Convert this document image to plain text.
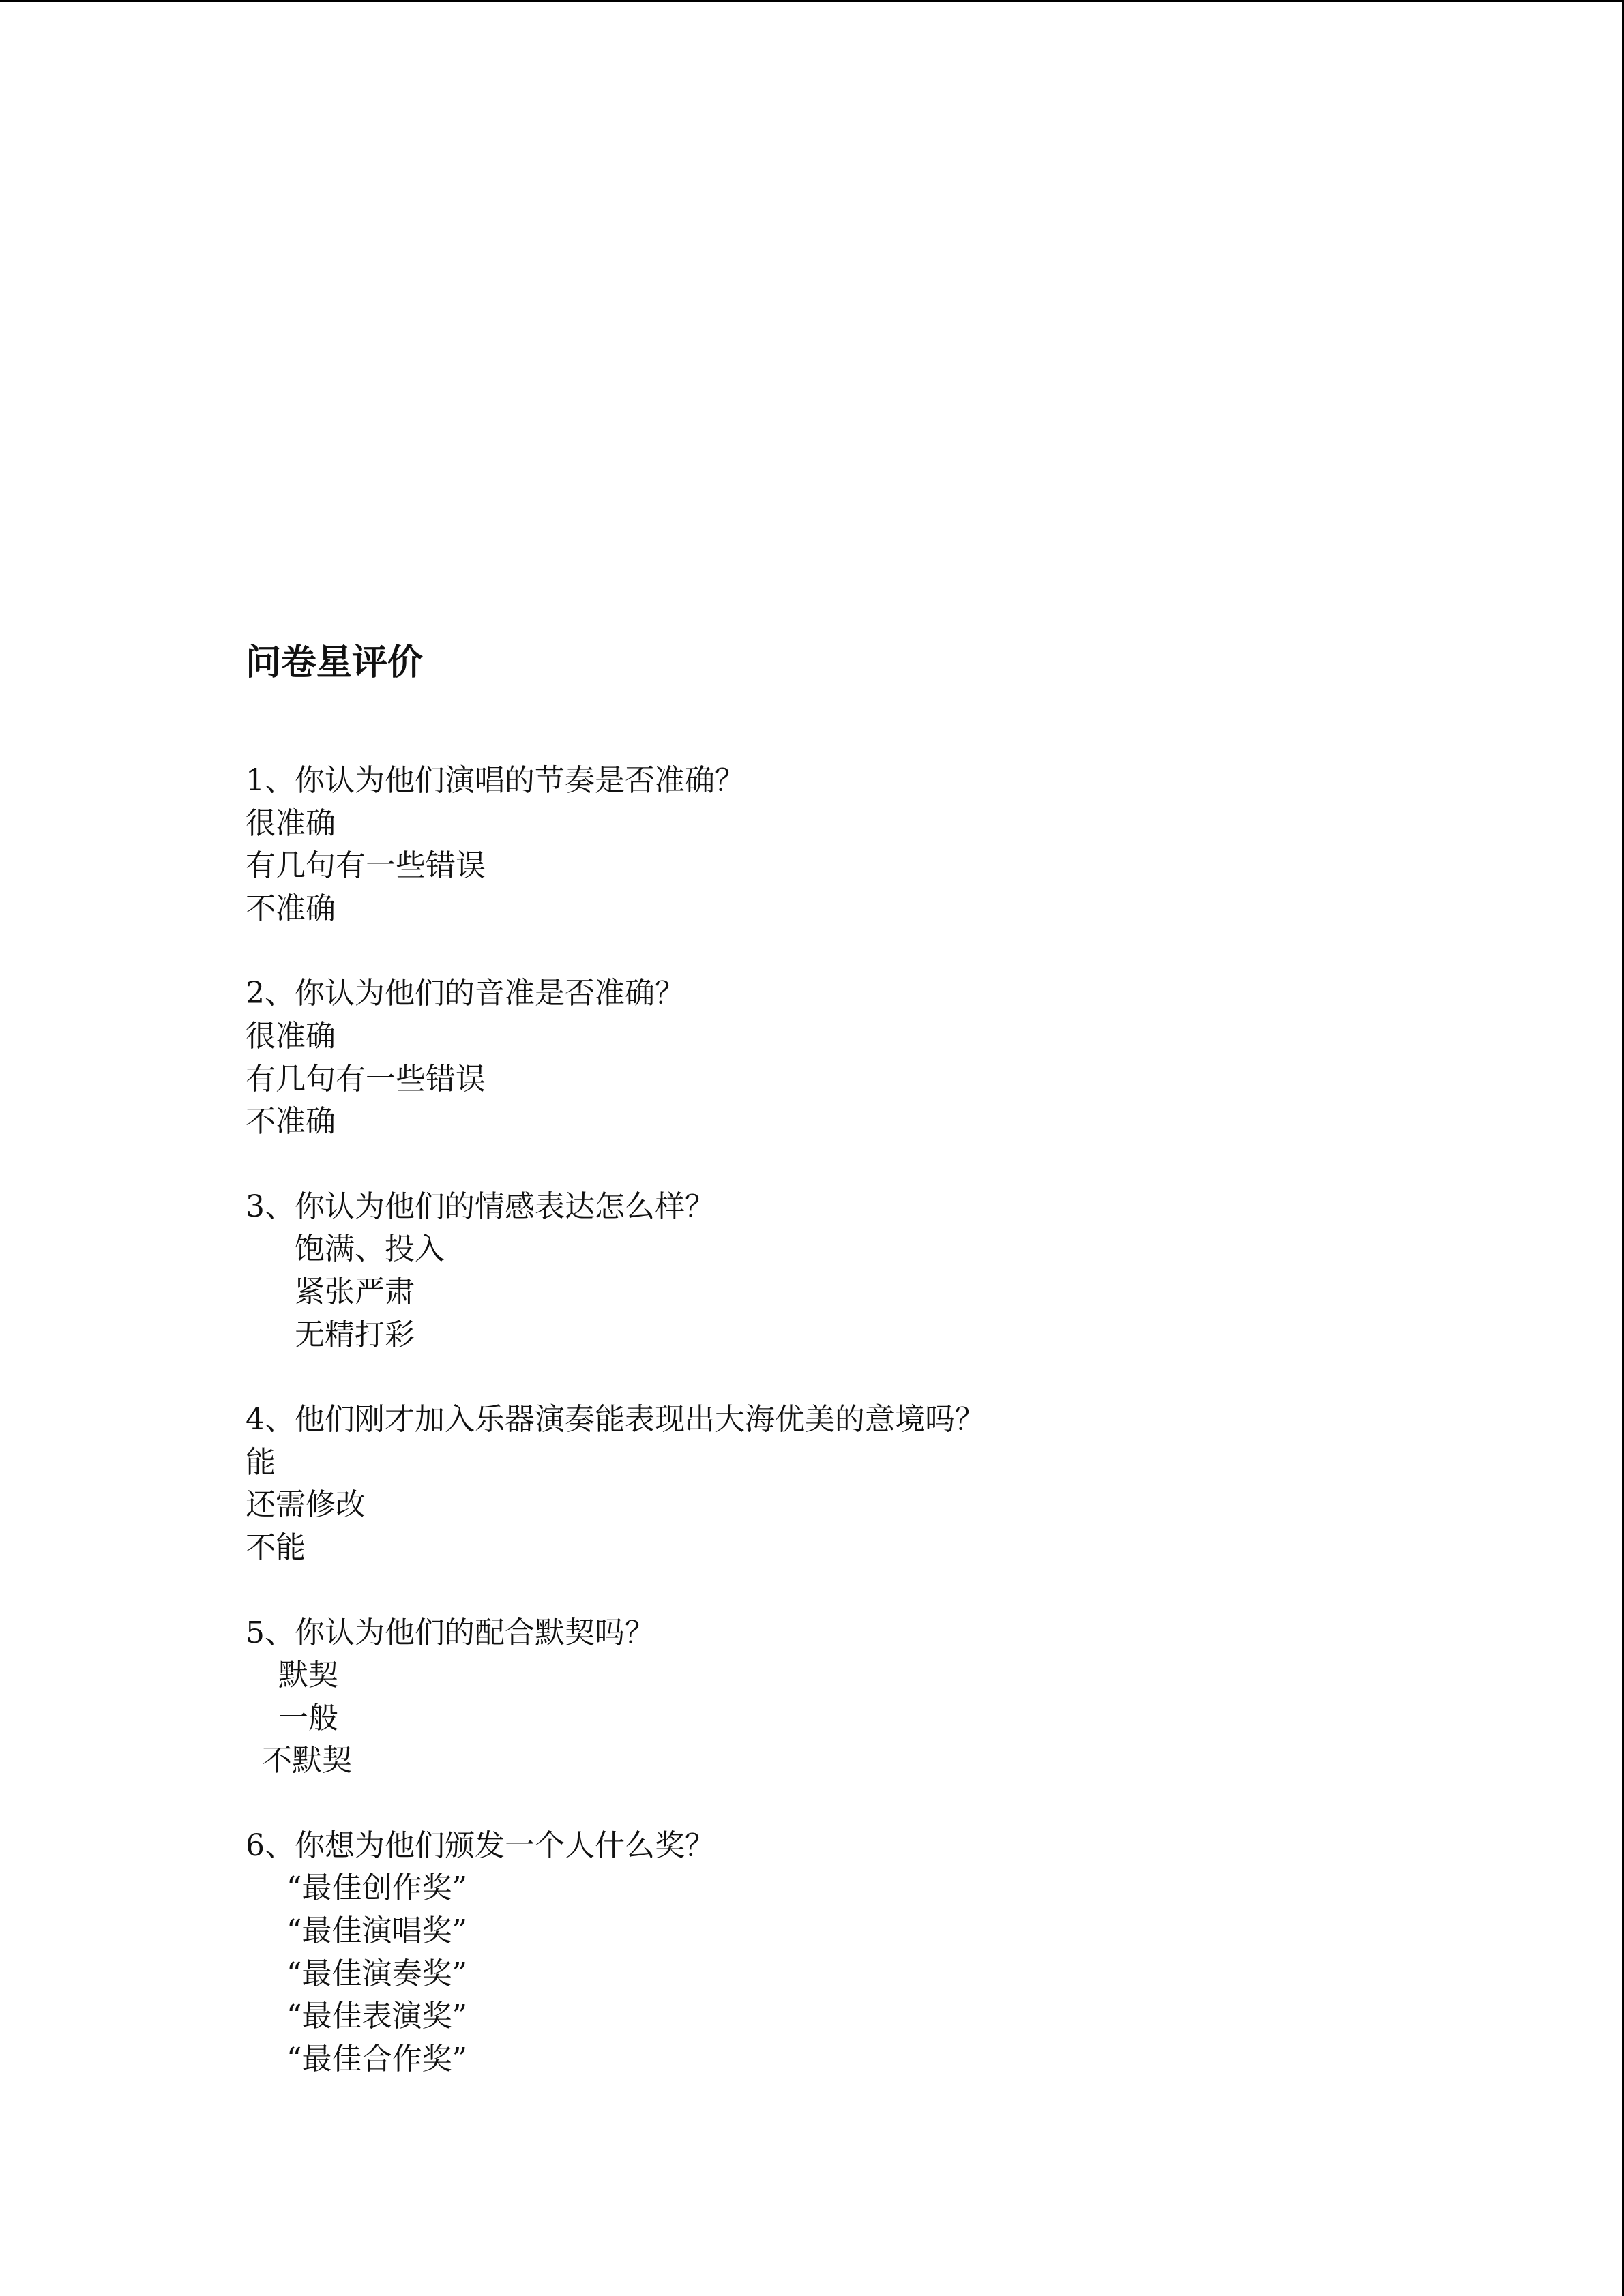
问卷星评价
1、你认为他们演唱的节奏是否准确？
很准确
有几句有一些错误
不准确
2、你认为他们的音准是否准确？
很准确
有几句有一些错误
不准确
3、你认为他们的情感表达怎么样？
饱满、投入
紧张严肃
无精打彩
4、他们刚才加入乐器演奏能表现出大海优美的意境吗？
能
还需修改
不能
5、你认为他们的配合默契吗？
默契
一般
不默契
6、你想为他们颁发一个人什么奖？
“最佳创作奖”
“最佳演唱奖”
“最佳演奏奖”
“最佳表演奖”
“最佳合作奖”
